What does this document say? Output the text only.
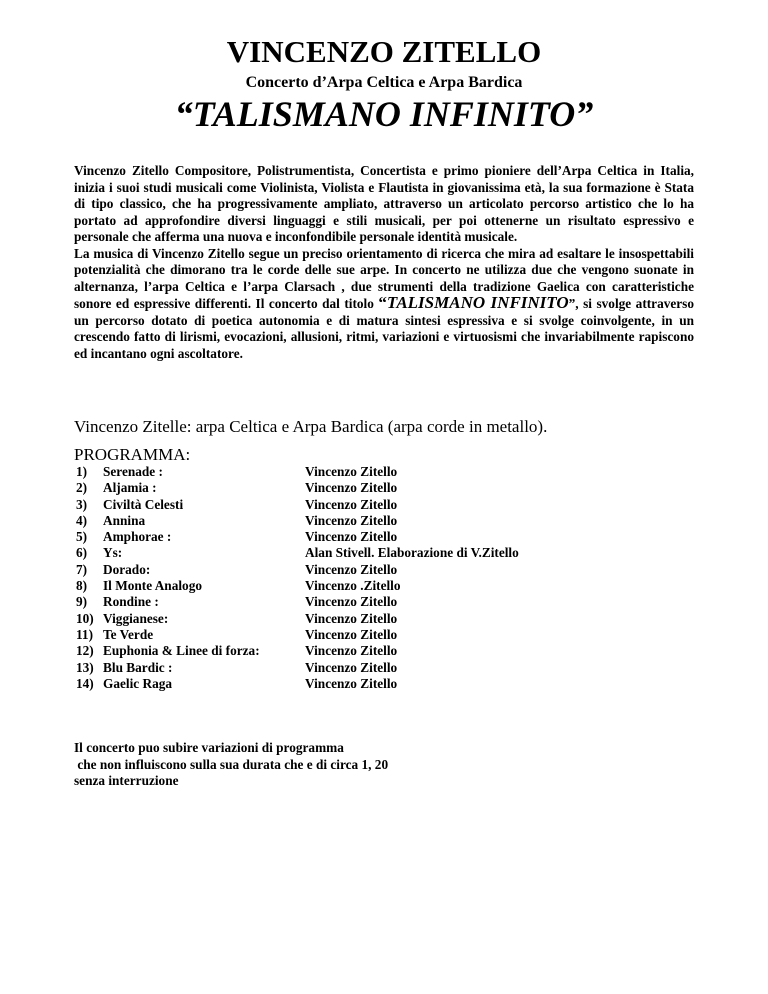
VINCENZO ZITELLO
Concerto d’Arpa Celtica e Arpa Bardica
“TALISMANO INFINITO”

Vincenzo Zitello Compositore, Polistrumentista, Concertista e primo pioniere dell’Arpa Celtica in Italia, inizia i suoi studi musicali come Violinista, Violista e Flautista in giovanissima età, la sua formazione è Stata di tipo classico, che ha progressivamente ampliato, attraverso un articolato percorso artistico che lo ha portato ad approfondire diversi linguaggi e stili musicali, per poi ottenerne un risultato espressivo e personale che afferma una nuova e inconfondibile personale identità musicale.

La musica di Vincenzo Zitello segue un preciso orientamento di ricerca che mira ad esaltare le insospettabili potenzialità che dimorano tra le corde delle sue arpe. In concerto ne utilizza due che vengono suonate in alternanza, l’arpa Celtica e l’arpa Clarsach , due strumenti della tradizione Gaelica con caratteristiche sonore ed espressive differenti. Il concerto dal titolo “TALISMANO INFINITO”, si svolge attraverso un percorso dotato di poetica autonomia e di matura sintesi espressiva e si svolge coinvolgente, in un crescendo fatto di lirismi, evocazioni, allusioni, ritmi, variazioni e virtuosismi che invariabilmente rapiscono ed incantano ogni ascoltatore.

Vincenzo Zitelle: arpa Celtica e Arpa Bardica (arpa corde in metallo).
PROGRAMMA:
1) Serenade :	Vincenzo Zitello
2) Aljamia :	Vincenzo Zitello
3) Civiltà Celesti	Vincenzo Zitello
4) Annina	Vincenzo Zitello
5) Amphorae :	Vincenzo Zitello
6) Ys:	Alan Stivell. Elaborazione di V.Zitello
7) Dorado:	Vincenzo Zitello
8) Il Monte Analogo	Vincenzo .Zitello
9) Rondine :	Vincenzo Zitello
10) Viggianese:	Vincenzo Zitello
11) Te Verde	Vincenzo Zitello
12) Euphonia & Linee di forza:	Vincenzo Zitello
13) Blu Bardic :	Vincenzo Zitello
14) Gaelic Raga	Vincenzo Zitello
Il concerto puo subire variazioni di programma
che non influiscono sulla sua durata che e di circa 1, 20
senza interruzione
